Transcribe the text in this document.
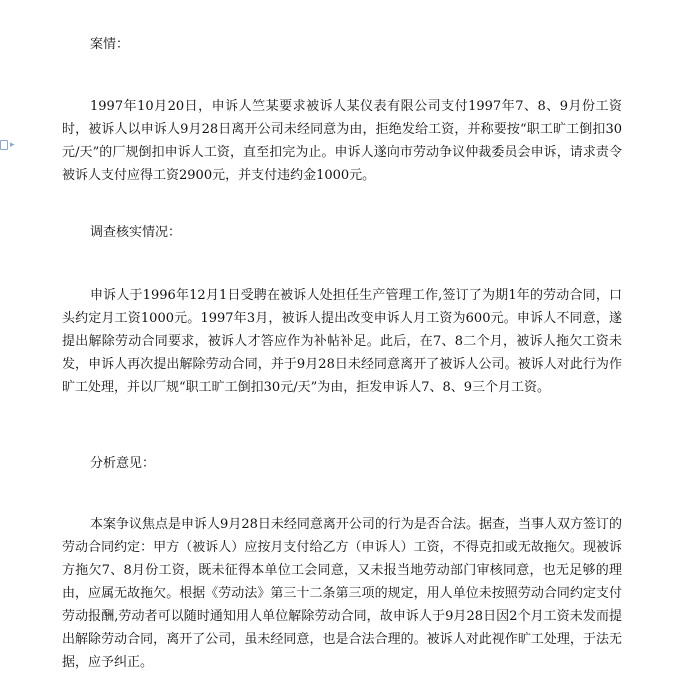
▸
案情：
1997年10月20日，申诉人竺某要求被诉人某仪表有限公司支付1997年7、8、9月份工资时，被诉人以申诉人9月28日离开公司未经同意为由，拒绝发给工资，并称要按“职工旷工倒扣30元/天”的厂规倒扣申诉人工资，直至扣完为止。申诉人遂向市劳动争议仲裁委员会申诉，请求责令被诉人支付应得工资2900元，并支付违约金1000元。
调查核实情况：
申诉人于1996年12月1日受聘在被诉人处担任生产管理工作,签订了为期1年的劳动合同，口头约定月工资1000元。1997年3月，被诉人提出改变申诉人月工资为600元。申诉人不同意，遂提出解除劳动合同要求，被诉人才答应作为补帖补足。此后，在7、8二个月，被诉人拖欠工资未发，申诉人再次提出解除劳动合同，并于9月28日未经同意离开了被诉人公司。被诉人对此行为作旷工处理，并以厂规“职工旷工倒扣30元/天”为由，拒发申诉人7、8、9三个月工资。
分析意见：
本案争议焦点是申诉人9月28日未经同意离开公司的行为是否合法。据查，当事人双方签订的劳动合同约定：甲方（被诉人）应按月支付给乙方（申诉人）工资，不得克扣或无故拖欠。现被诉方拖欠7、8月份工资，既未征得本单位工会同意，又未报当地劳动部门审核同意，也无足够的理由，应属无故拖欠。根据《劳动法》第三十二条第三项的规定，用人单位未按照劳动合同约定支付劳动报酬,劳动者可以随时通知用人单位解除劳动合同，故申诉人于9月28日因2个月工资未发而提出解除劳动合同，离开了公司，虽未经同意，也是合法合理的。被诉人对此视作旷工处理，于法无据，应予纠正。
